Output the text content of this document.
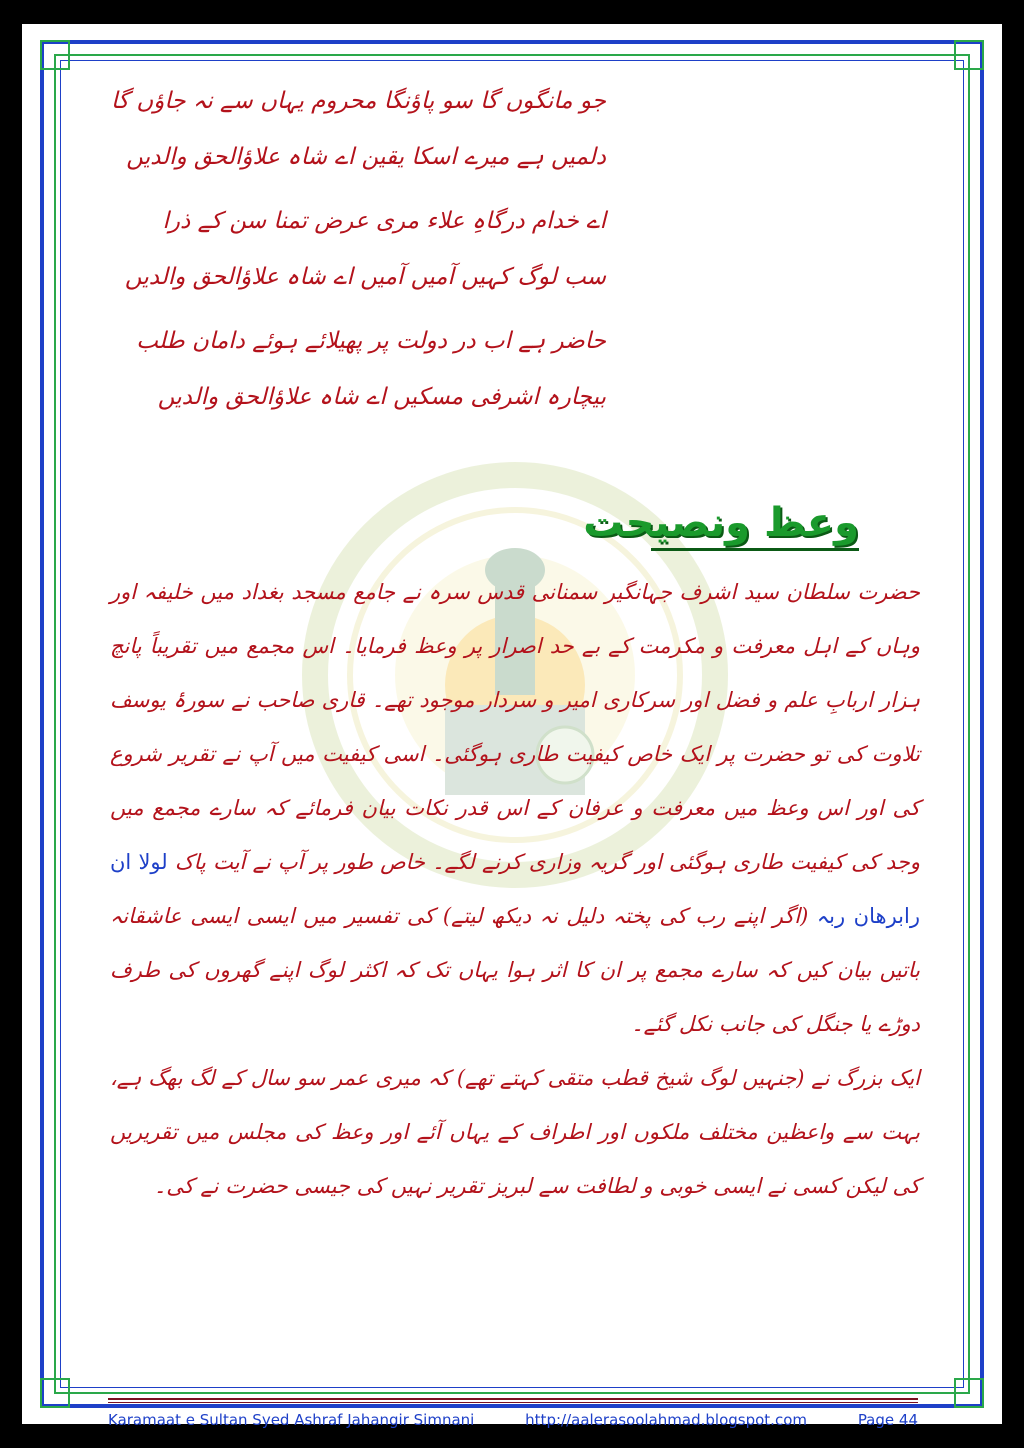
جو مانگوں گا سو پاؤنگا محروم یہاں سے نہ جاؤں گا
دلمیں ہے میرے اسکا یقین اے شاہ علاؤالحق والدیں
اے خدام درگاہِ علاء مری عرض تمنا سن کے ذرا
سب لوگ کہیں آمیں آمیں اے شاہ علاؤالحق والدیں
حاضر ہے اب در دولت پر پھیلائے ہوئے دامان طلب
بیچارہ اشرفی مسکیں اے شاہ علاؤالحق والدیں
وعظ ونصیحت

حضرت سلطان سید اشرف جہانگیر سمنانی قدس سرہ نے جامع مسجد بغداد میں خلیفہ اور وہاں کے اہل معرفت و مکرمت کے بے حد اصرار پر وعظ فرمایا۔ اس مجمع میں تقریباً پانچ ہزار اربابِ علم و فضل اور سرکاری امیر و سردار موجود تھے۔ قاری صاحب نے سورۂ یوسف تلاوت کی تو حضرت پر ایک خاص کیفیت طاری ہوگئی۔ اسی کیفیت میں آپ نے تقریر شروع کی اور اس وعظ میں معرفت و عرفان کے اس قدر نکات بیان فرمائے کہ سارے مجمع میں وجد کی کیفیت طاری ہوگئی اور گریہ وزاری کرنے لگے۔ خاص طور پر آپ نے آیت پاک لولا ان رابرھان ربہ (اگر اپنے رب کی پختہ دلیل نہ دیکھ لیتے) کی تفسیر میں ایسی ایسی عاشقانہ باتیں بیان کیں کہ سارے مجمع پر ان کا اثر ہوا یہاں تک کہ اکثر لوگ اپنے گھروں کی طرف دوڑے یا جنگل کی جانب نکل گئے۔

ایک بزرگ نے (جنہیں لوگ شیخ قطب متقی کہتے تھے) کہ میری عمر سو سال کے لگ بھگ ہے، بہت سے واعظین مختلف ملکوں اور اطراف کے یہاں آئے اور وعظ کی مجلس میں تقریریں کی لیکن کسی نے ایسی خوبی و لطافت سے لبریز تقریر نہیں کی جیسی حضرت نے کی۔

Karamaat e Sultan Syed Ashraf Jahangir Simnani	http://aalerasoolahmad.blogspot.com	Page 44
